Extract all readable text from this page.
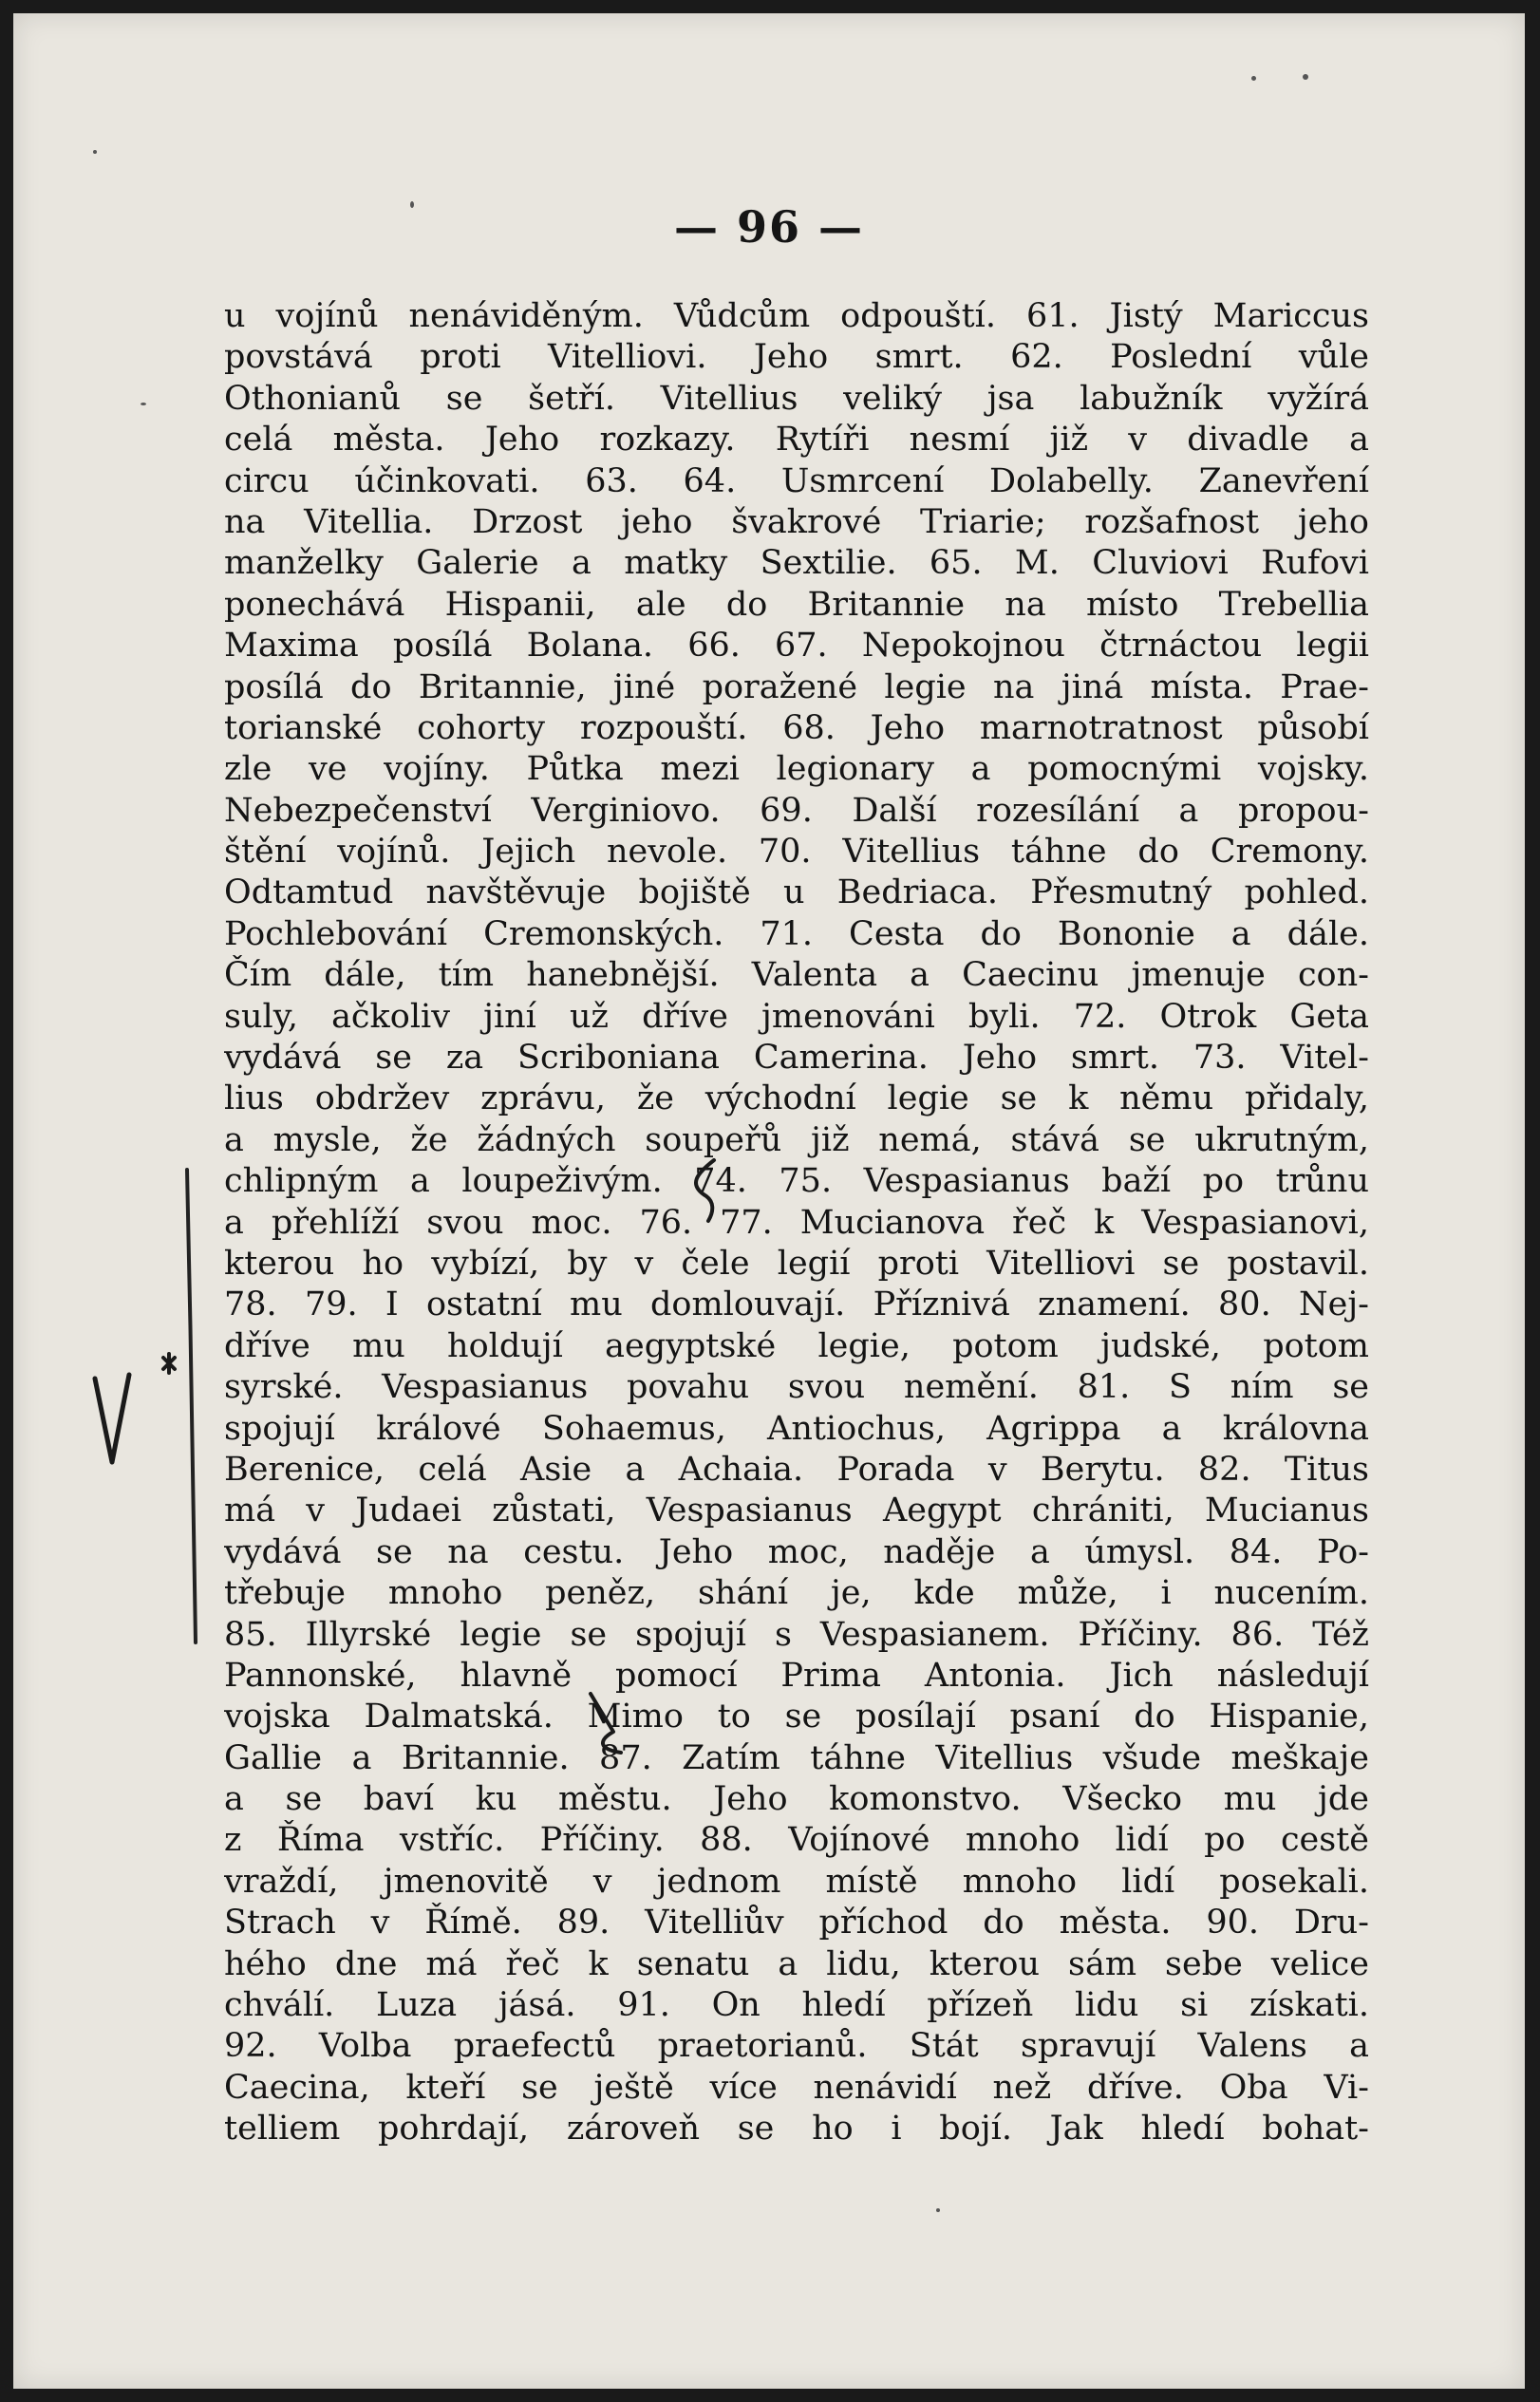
— 96 —
u vojínů nenáviděným. Vůdcům odpouští. 61. Jistý Mariccus
povstává proti Vitelliovi. Jeho smrt. 62. Poslední vůle
Othonianů se šetří. Vitellius veliký jsa labužník vyžírá
celá města. Jeho rozkazy. Rytíři nesmí již v divadle a
circu účinkovati. 63. 64. Usmrcení Dolabelly. Zanevření
na Vitellia. Drzost jeho švakrové Triarie; rozšafnost jeho
manželky Galerie a matky Sextilie. 65. M. Cluviovi Rufovi
ponechává Hispanii, ale do Britannie na místo Trebellia
Maxima posílá Bolana. 66. 67. Nepokojnou čtrnáctou legii
posílá do Britannie, jiné poražené legie na jiná místa. Prae-
torianské cohorty rozpouští. 68. Jeho marnotratnost působí
zle ve vojíny. Půtka mezi legionary a pomocnými vojsky.
Nebezpečenství Verginiovo. 69. Další rozesílání a propou-
štění vojínů. Jejich nevole. 70. Vitellius táhne do Cremony.
Odtamtud navštěvuje bojiště u Bedriaca. Přesmutný pohled.
Pochlebování Cremonských. 71. Cesta do Bononie a dále.
Čím dále, tím hanebnější. Valenta a Caecinu jmenuje con-
suly, ačkoliv jiní už dříve jmenováni byli. 72. Otrok Geta
vydává se za Scriboniana Camerina. Jeho smrt. 73. Vitel-
lius obdržev zprávu, že východní legie se k němu přidaly,
a mysle, že žádných soupeřů již nemá, stává se ukrutným,
chlipným a loupeživým. 74. 75. Vespasianus baží po trůnu
a přehlíží svou moc. 76. 77. Mucianova řeč k Vespasianovi,
kterou ho vybízí, by v čele legií proti Vitelliovi se postavil.
78. 79. I ostatní mu domlouvají. Příznivá znamení. 80. Nej-
dříve mu holdují aegyptské legie, potom judské, potom
syrské. Vespasianus povahu svou nemění. 81. S ním se
spojují králové Sohaemus, Antiochus, Agrippa a královna
Berenice, celá Asie a Achaia. Porada v Berytu. 82. Titus
má v Judaei zůstati, Vespasianus Aegypt chrániti, Mucianus
vydává se na cestu. Jeho moc, naděje a úmysl. 84. Po-
třebuje mnoho peněz, shání je, kde může, i nucením.
85. Illyrské legie se spojují s Vespasianem. Příčiny. 86. Též
Pannonské, hlavně pomocí Prima Antonia. Jich následují
vojska Dalmatská. Mimo to se posílají psaní do Hispanie,
Gallie a Britannie. 87. Zatím táhne Vitellius všude meškaje
a se baví ku městu. Jeho komonstvo. Všecko mu jde
z Říma vstříc. Příčiny. 88. Vojínové mnoho lidí po cestě
vraždí, jmenovitě v jednom místě mnoho lidí posekali.
Strach v Římě. 89. Vitelliův příchod do města. 90. Dru-
hého dne má řeč k senatu a lidu, kterou sám sebe velice
chválí. Luza jásá. 91. On hledí přízeň lidu si získati.
92. Volba praefectů praetorianů. Stát spravují Valens a
Caecina, kteří se ještě více nenávidí než dříve. Oba Vi-
telliem pohrdají, zároveň se ho i bojí. Jak hledí bohat-
